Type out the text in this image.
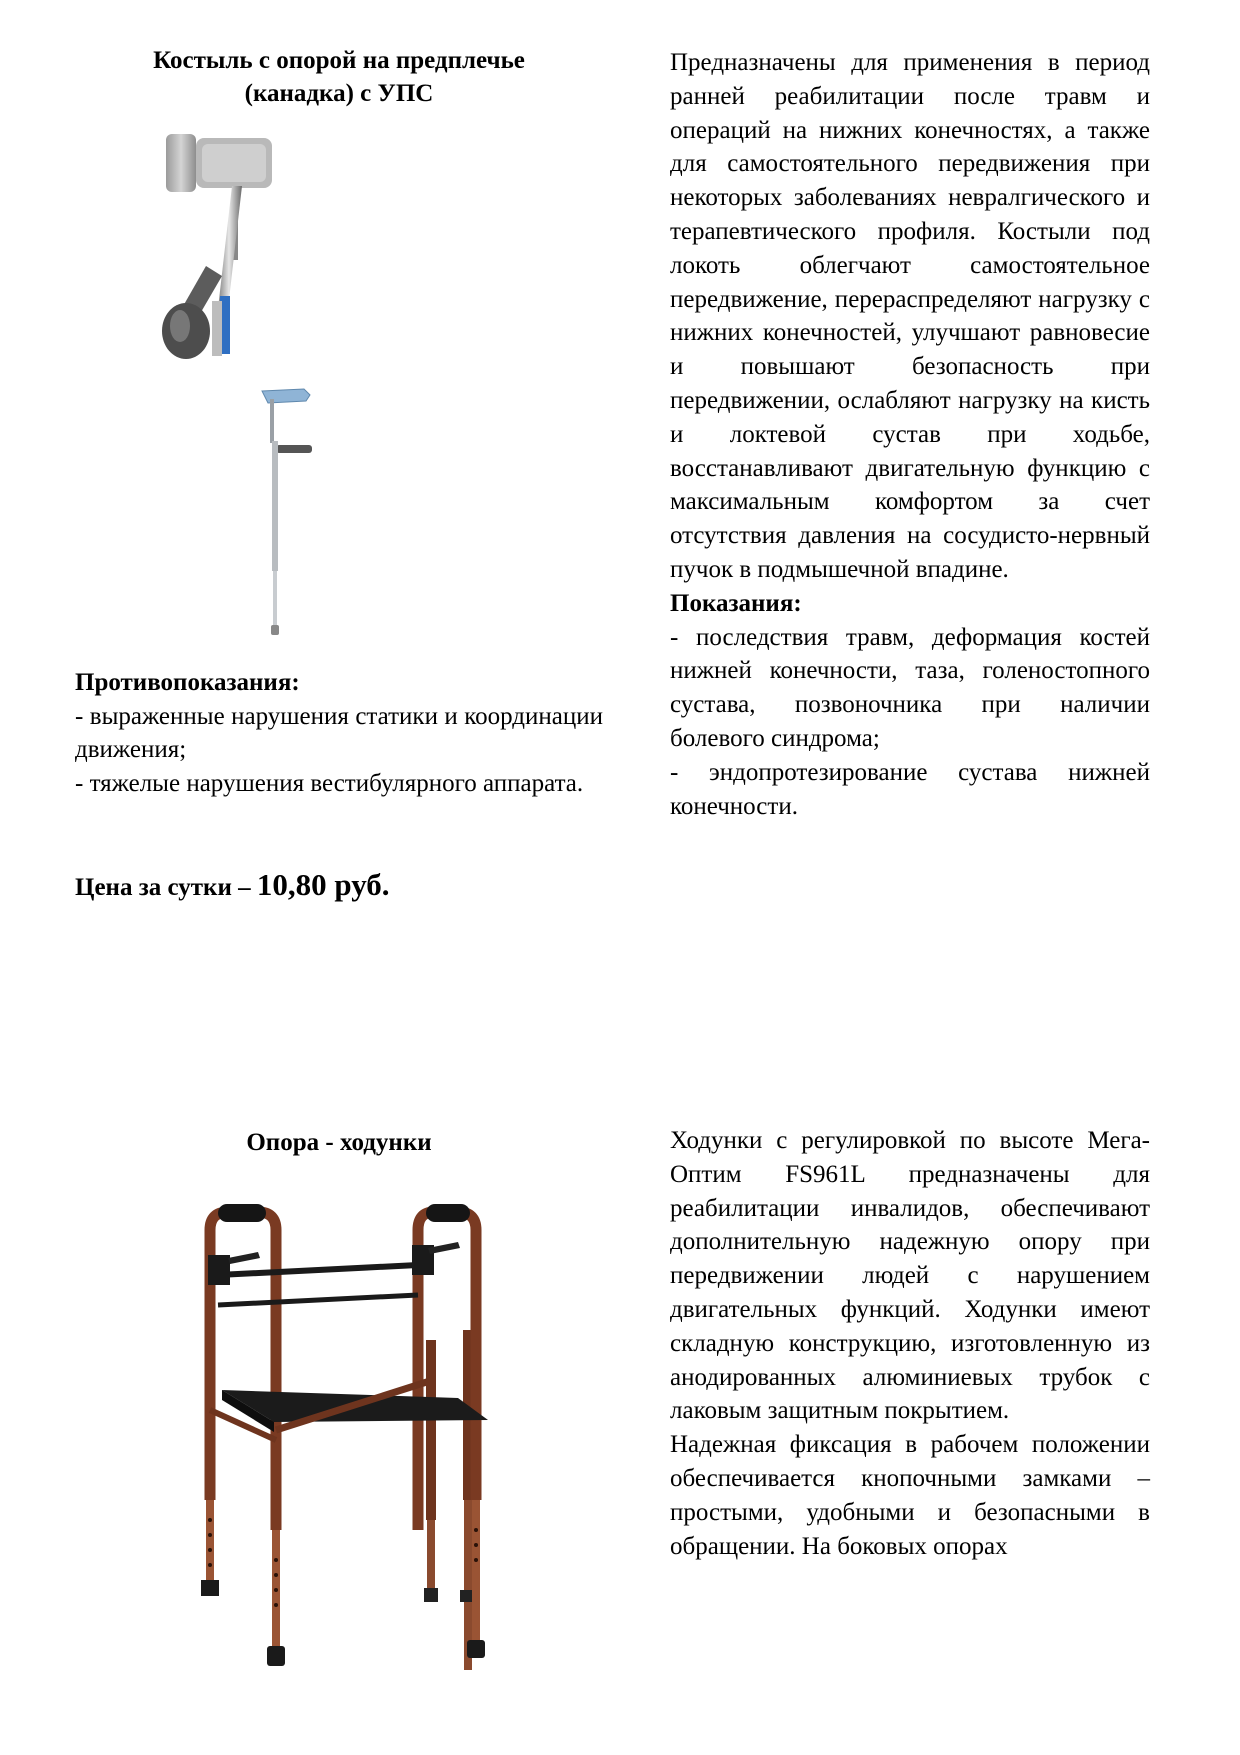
Костыль с опорой на предплечье
(канадка) с УПС

Противопоказания:

- выраженные нарушения статики и координации движения;

- тяжелые нарушения вестибулярного аппарата.

Цена за сутки – 10,80 руб.

Предназначены для применения в период ранней реабилитации после травм и операций на нижних конечностях, а также для самостоятельного передвижения при некоторых заболеваниях невралгического и терапевтического профиля. Костыли под локоть облегчают самостоятельное передвижение, перераспределяют нагрузку с нижних конечностей, улучшают равновесие и повышают безопасность при передвижении, ослабляют нагрузку на кисть и локтевой сустав при ходьбе, восстанавливают двигательную функцию с максимальным комфортом за счет отсутствия давления на сосудисто-нервный пучок в подмышечной впадине.

Показания:

- последствия травм, деформация костей нижней конечности, таза, голеностопного сустава, позвоночника при наличии болевого синдрома;

- эндопротезирование сустава нижней конечности.

Опора - ходунки	Ходунки с регулировкой по высоте Мега-Оптим FS961L предназначены для реабилитации инвалидов, обеспечивают дополнительную надежную опору при передвижении людей с нарушением двигательных функций. Ходунки имеют складную конструкцию, изготовленную из анодированных алюминиевых трубок с лаковым защитным покрытием.

Надежная фиксация в рабочем положении обеспечивается кнопочными замками – простыми, удобными и безопасными в обращении. На боковых опорах
